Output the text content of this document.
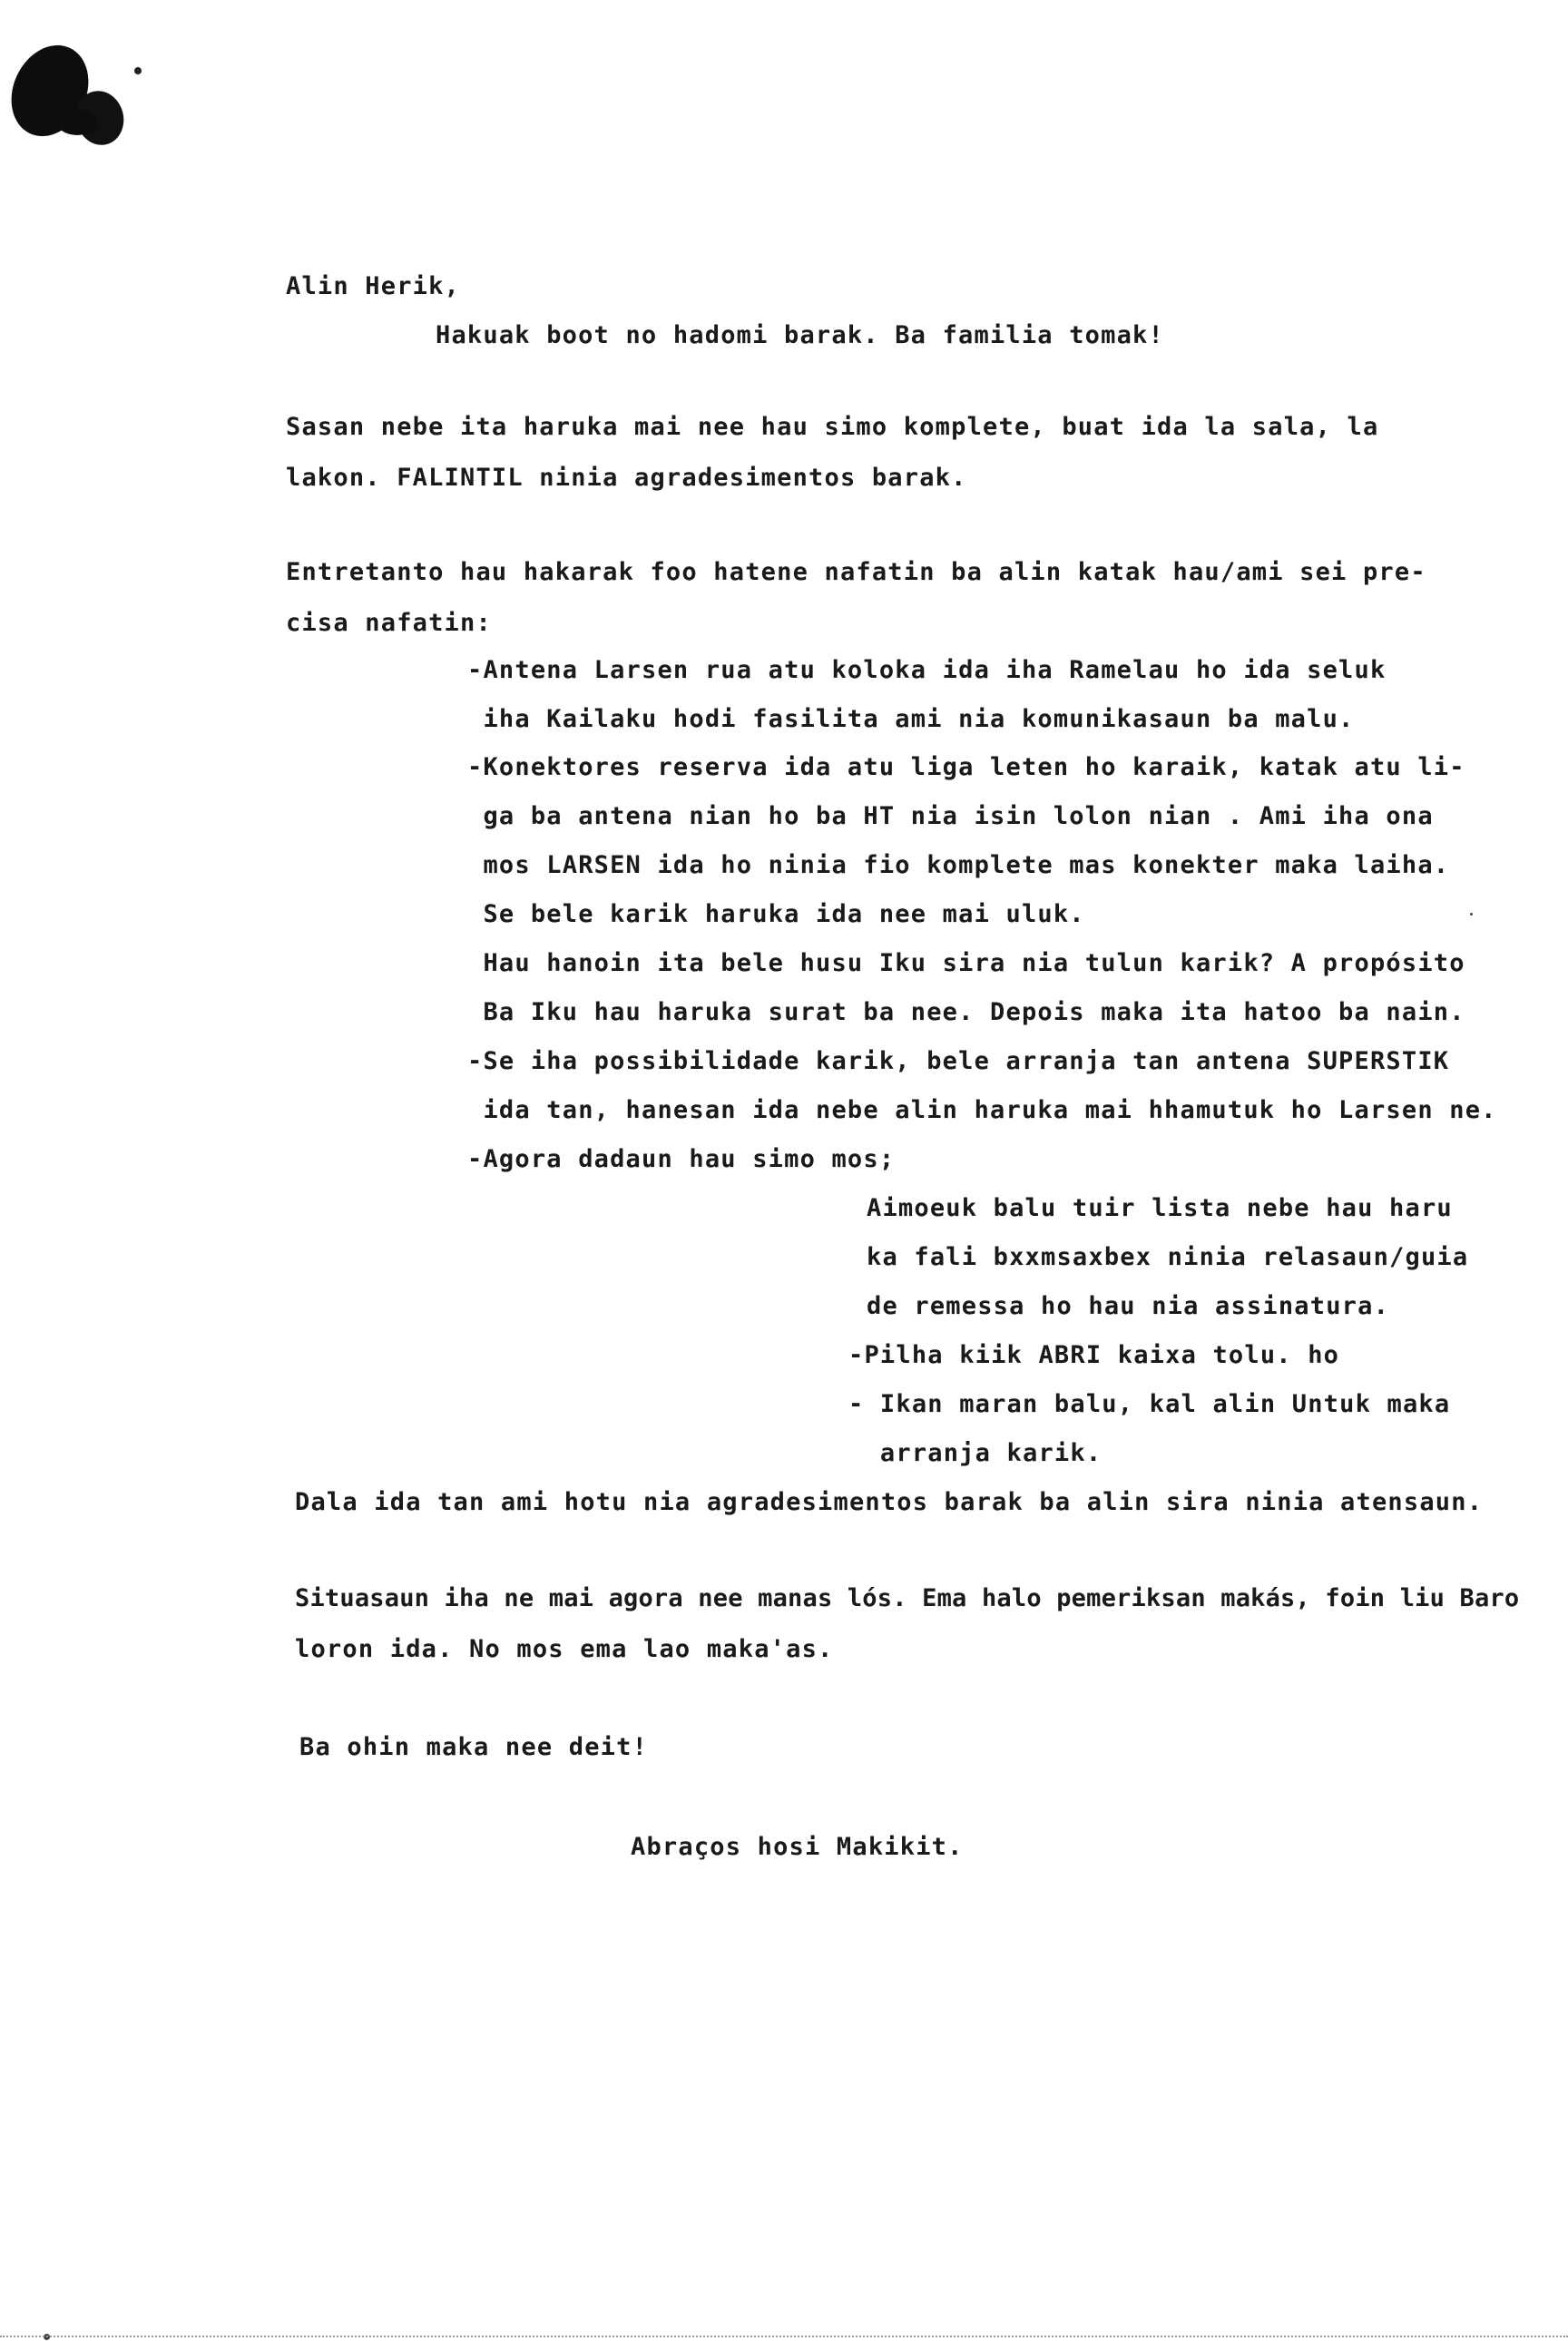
Alin Herik,
Hakuak boot no hadomi barak. Ba familia tomak!
Sasan nebe ita haruka mai nee hau simo komplete, buat ida la sala, la
lakon. FALINTIL ninia agradesimentos barak.
Entretanto hau hakarak foo hatene nafatin ba alin katak hau/ami sei pre-
cisa nafatin:
-Antena Larsen rua atu koloka ida iha Ramelau ho ida seluk
iha Kailaku hodi fasilita ami nia komunikasaun ba malu.
-Konektores reserva ida atu liga leten ho karaik, katak atu li-
ga ba antena nian ho ba HT nia isin lolon nian . Ami iha ona
mos LARSEN ida ho ninia fio komplete mas konekter maka laiha.
Se bele karik haruka ida nee mai uluk.
Hau hanoin ita bele husu Iku sira nia tulun karik? A propósito
Ba Iku hau haruka surat ba nee. Depois maka ita hatoo ba nain.
-Se iha possibilidade karik, bele arranja tan antena SUPERSTIK
ida tan, hanesan ida nebe alin haruka mai hhamutuk ho Larsen ne.
-Agora dadaun hau simo mos;
Aimoeuk balu tuir lista nebe hau haru
ka fali bxxmsaxbex ninia relasaun/guia
de remessa ho hau nia assinatura.
-Pilha kiik ABRI kaixa tolu. ho
- Ikan maran balu, kal alin Untuk maka
arranja karik.
Dala ida tan ami hotu nia agradesimentos barak ba alin sira ninia atensaun.
Situasaun iha ne mai agora nee manas lós. Ema halo pemeriksan makás, foin liu Baro
loron ida. No mos ema lao maka'as.
Ba ohin maka nee deit!
Abraços hosi Makikit.
